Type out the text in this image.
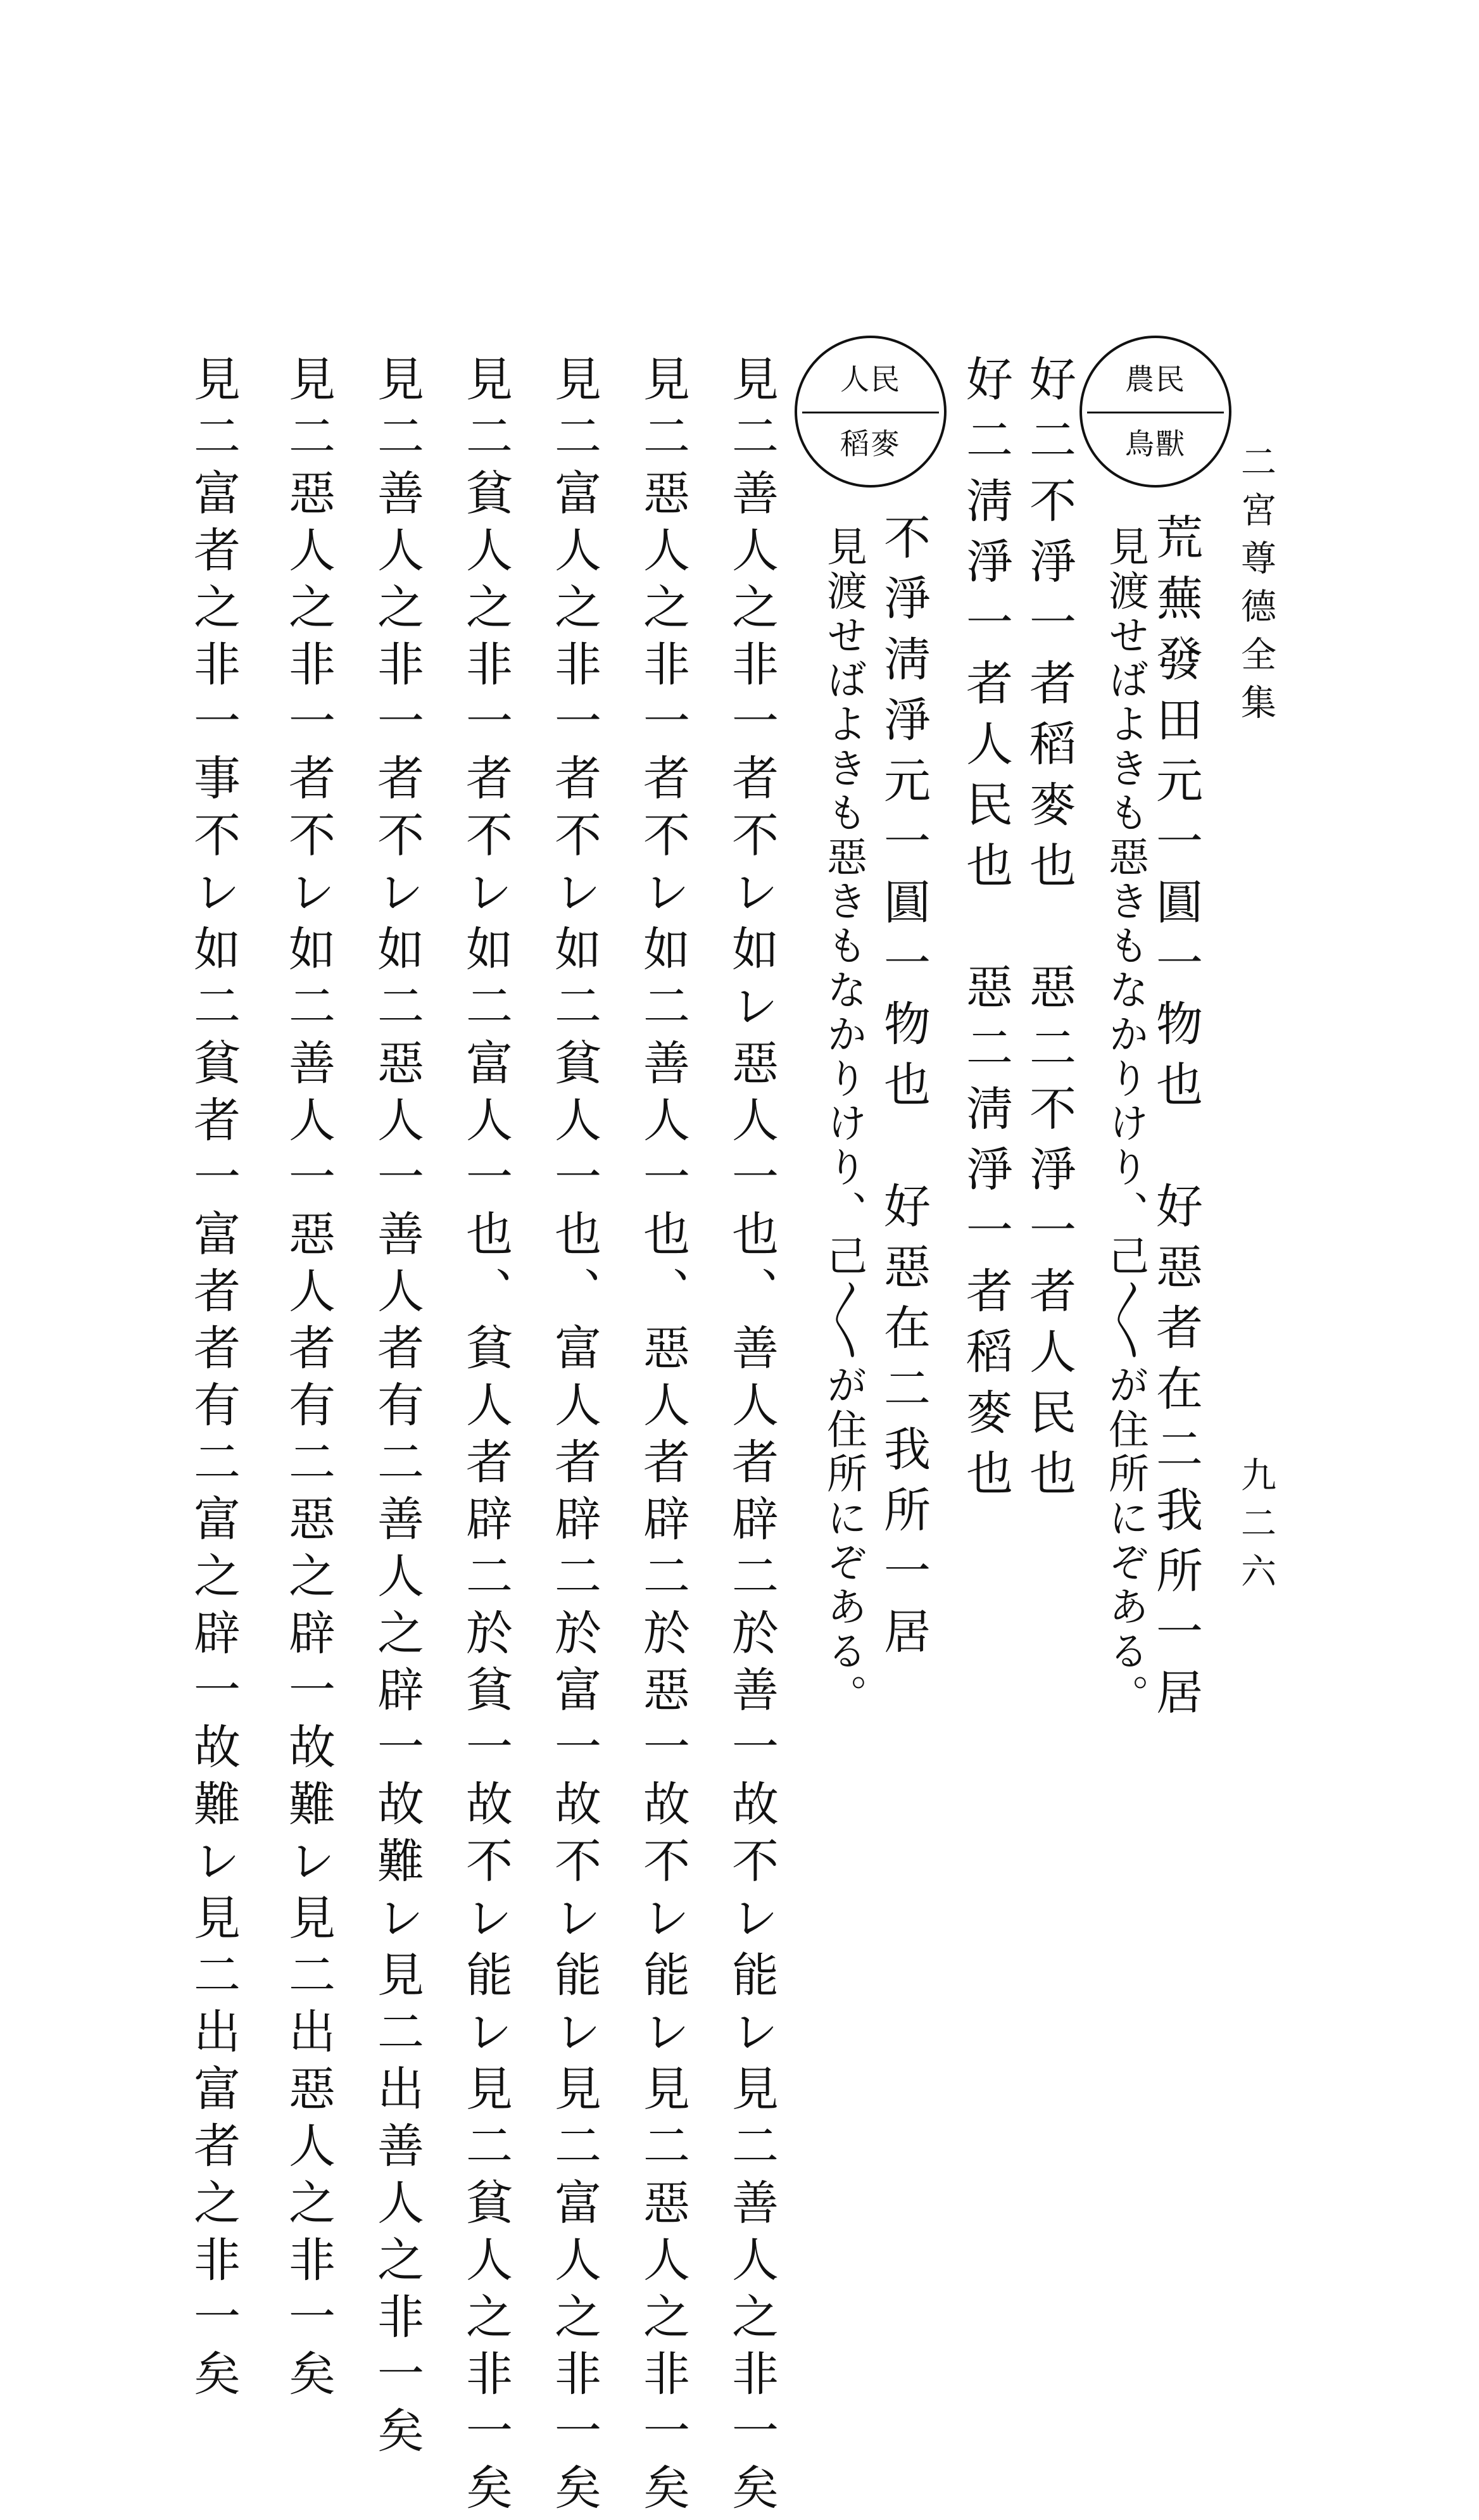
二宮尊德全集
九二六
農民
鳥獸
荒蕪發田元一圓一物也　好惡者在二我所一居
見渡せばよきも惡きもなかりけり、己〳〵が住所にぞある。
好二不淨一者稻麥也　惡二不淨一者人民也
好二淸淨一者人民也　惡二淸淨一者稻麥也
人民
稻麥
不淨淸淨元一圓一物也　好惡在二我所一居
見渡せばよきも惡きもなかりけり、己〳〵が住所にぞある。
見二善人之非一者不レ如レ惡人一也、善人者辟二於善一故不レ能レ見二善人之非一矣
見二惡人之非一者不レ如二善人一也、惡人者辟二於惡一故不レ能レ見二惡人之非一矣
見二富人之非一者不レ如二貧人一也、富人者辟二於富一故不レ能レ見二富人之非一矣
見二貧人之非一者不レ如二富人一也、貧人者辟二於貧一故不レ能レ見二貧人之非一矣
見二善人之非一者不レ如二惡人一善人者有二善人之辟一故難レ見二出善人之非一矣
見二惡人之非一者不レ如二善人一惡人者有二惡之辟一故難レ見二出惡人之非一矣
見二富者之非一事不レ如二貧者一富者者有二富之辟一故難レ見二出富者之非一矣
